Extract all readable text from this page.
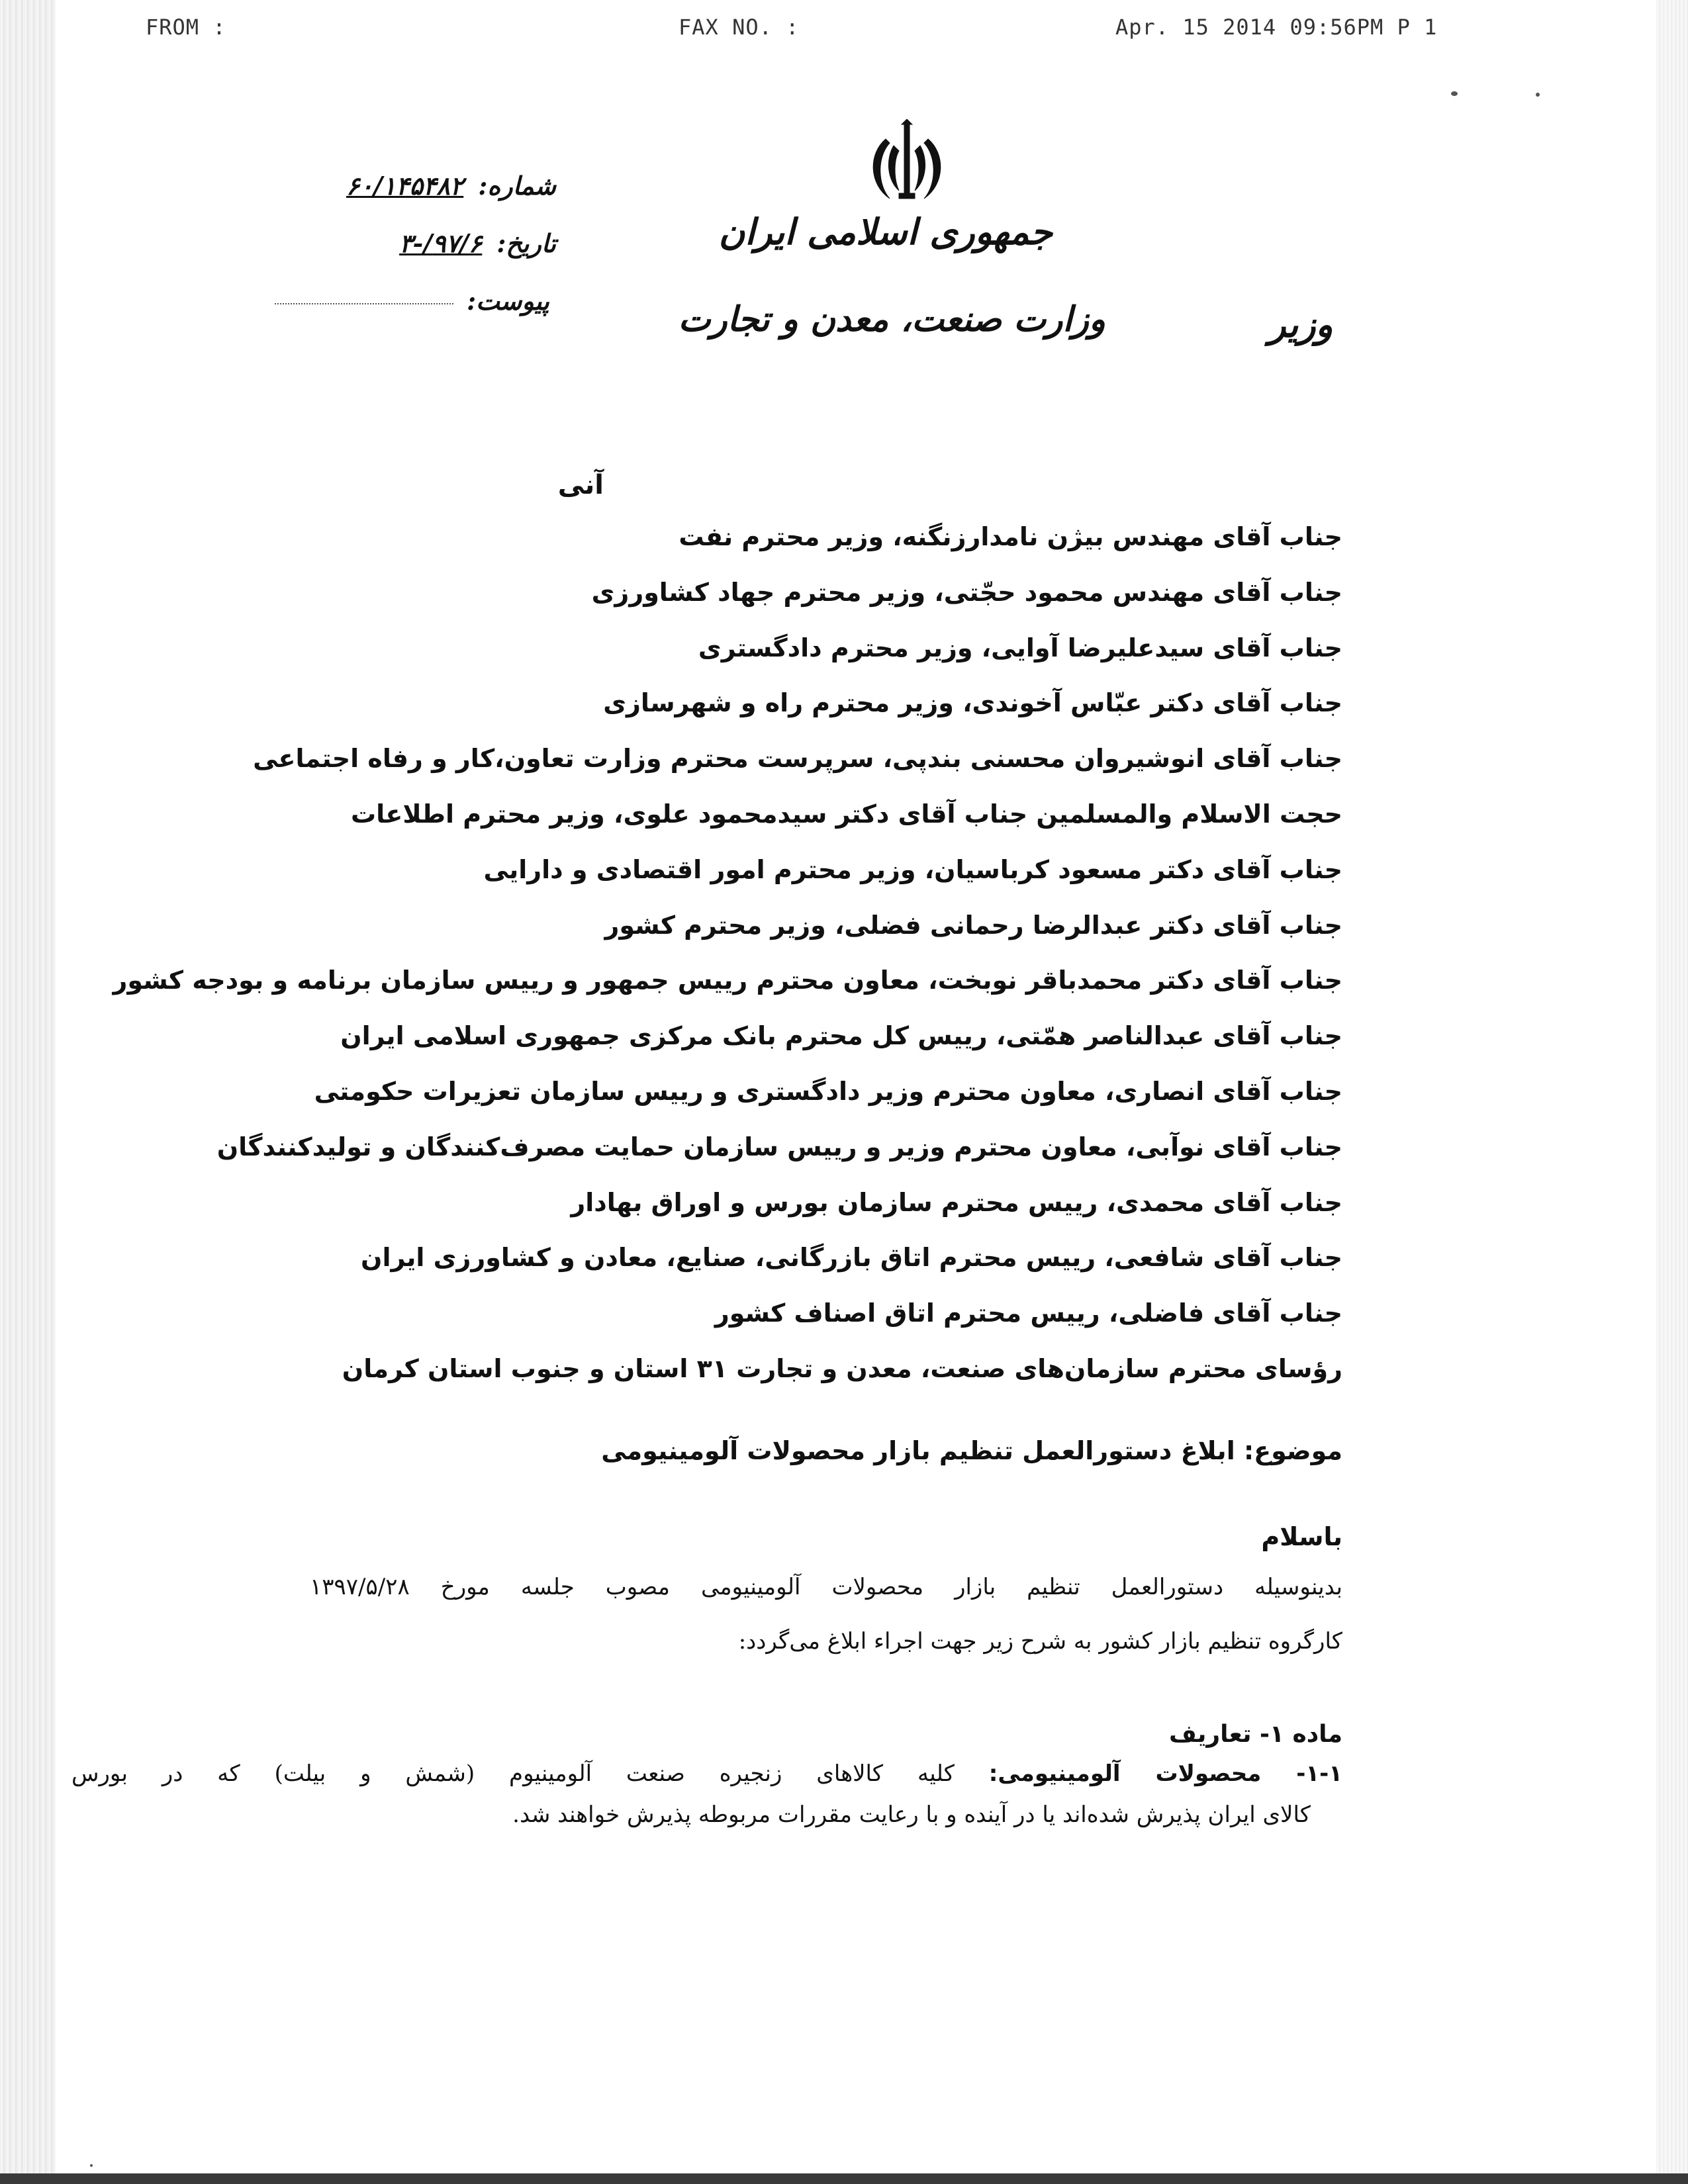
FROM :	FAX NO. :	Apr. 15 2014 09:56PM P 1
جمهوری اسلامی ایران
وزارت صنعت، معدن و تجارت	وزیر
شماره: ۶۰/۱۴۵۴۸۲
تاریخ: ۹۷/۶/-۳
پیوست:
آنی
جناب آقای مهندس بیژن نامدارزنگنه، وزیر محترم نفت
جناب آقای مهندس محمود حجّتی، وزیر محترم جهاد کشاورزی
جناب آقای سیدعلیرضا آوایی، وزیر محترم دادگستری
جناب آقای دکتر عبّاس آخوندی، وزیر محترم راه و شهرسازی
جناب آقای انوشیروان محسنی بندپی، سرپرست محترم وزارت تعاون،کار و رفاه اجتماعی
حجت الاسلام والمسلمین جناب آقای دکتر سیدمحمود علوی، وزیر محترم اطلاعات
جناب آقای دکتر مسعود کرباسیان، وزیر محترم امور اقتصادی و دارایی
جناب آقای دکتر عبدالرضا رحمانی فضلی، وزیر محترم کشور
جناب آقای دکتر محمدباقر نوبخت، معاون محترم رییس جمهور و رییس سازمان برنامه و بودجه کشور
جناب آقای عبدالناصر همّتی، رییس کل محترم بانک مرکزی جمهوری اسلامی ایران
جناب آقای انصاری، معاون محترم وزیر دادگستری و رییس سازمان تعزیرات حکومتی
جناب آقای نوآبی، معاون محترم وزیر و رییس سازمان حمایت مصرف‌کنندگان و تولیدکنندگان
جناب آقای محمدی، رییس محترم سازمان بورس و اوراق بهادار
جناب آقای شافعی، رییس محترم اتاق بازرگانی، صنایع، معادن و کشاورزی ایران
جناب آقای فاضلی، رییس محترم اتاق اصناف کشور
رؤسای محترم سازمان‌های صنعت، معدن و تجارت ۳۱ استان و جنوب استان کرمان
موضوع: ابلاغ دستورالعمل تنظیم بازار محصولات آلومینیومی
باسلام
بدینوسیله دستورالعمل تنظیم بازار محصولات آلومینیومی مصوب جلسه مورخ ۱۳۹۷/۵/۲۸
کارگروه تنظیم بازار کشور به شرح زیر جهت اجراء ابلاغ می‌گردد:
ماده ۱- تعاریف
۱-۱- محصولات آلومینیومی: کلیه کالاهای زنجیره صنعت آلومینیوم (شمش و بیلت) که در بورس
کالای ایران پذیرش شده‌اند یا در آینده و با رعایت مقررات مربوطه پذیرش خواهند شد.
